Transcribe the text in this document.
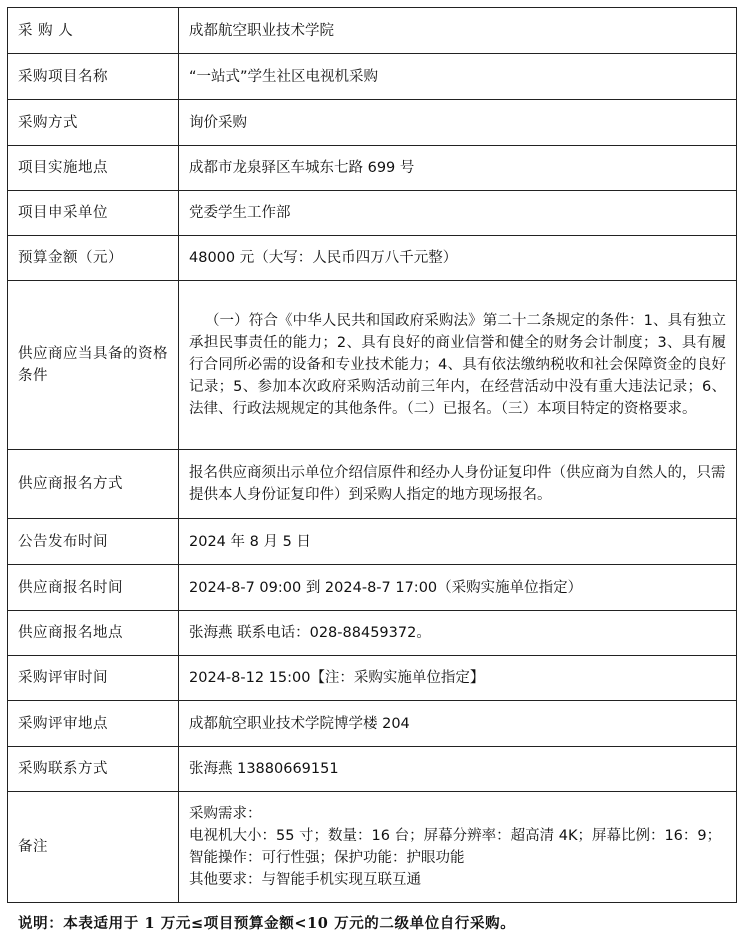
采 购 人	成都航空职业技术学院
采购项目名称	“一站式”学生社区电视机采购
采购方式	询价采购
项目实施地点	成都市龙泉驿区车城东七路 699 号
项目申采单位	党委学生工作部
预算金额（元）	48000 元（大写：人民币四万八千元整）
供应商应当具备的资格条件	（一）符合《中华人民共和国政府采购法》第二十二条规定的条件：1、具有独立承担民事责任的能力；2、具有良好的商业信誉和健全的财务会计制度；3、具有履行合同所必需的设备和专业技术能力；4、具有依法缴纳税收和社会保障资金的良好记录；5、参加本次政府采购活动前三年内，在经营活动中没有重大违法记录；6、法律、行政法规规定的其他条件。（二）已报名。（三）本项目特定的资格要求。
供应商报名方式	报名供应商须出示单位介绍信原件和经办人身份证复印件（供应商为自然人的，只需提供本人身份证复印件）到采购人指定的地方现场报名。
公告发布时间	2024 年 8 月 5 日
供应商报名时间	2024-8-7 09:00 到 2024-8-7 17:00（采购实施单位指定）
供应商报名地点	张海燕 联系电话：028-88459372。
采购评审时间	2024-8-12 15:00【注：采购实施单位指定】
采购评审地点	成都航空职业技术学院博学楼 204
采购联系方式	张海燕 13880669151
备注	采购需求：
电视机大小：55 寸；数量：16 台；屏幕分辨率：超高清 4K；屏幕比例：16：9；智能操作：可行性强；保护功能：护眼功能
其他要求：与智能手机实现互联互通

说明：本表适用于 1 万元≤项目预算金额<10 万元的二级单位自行采购。
